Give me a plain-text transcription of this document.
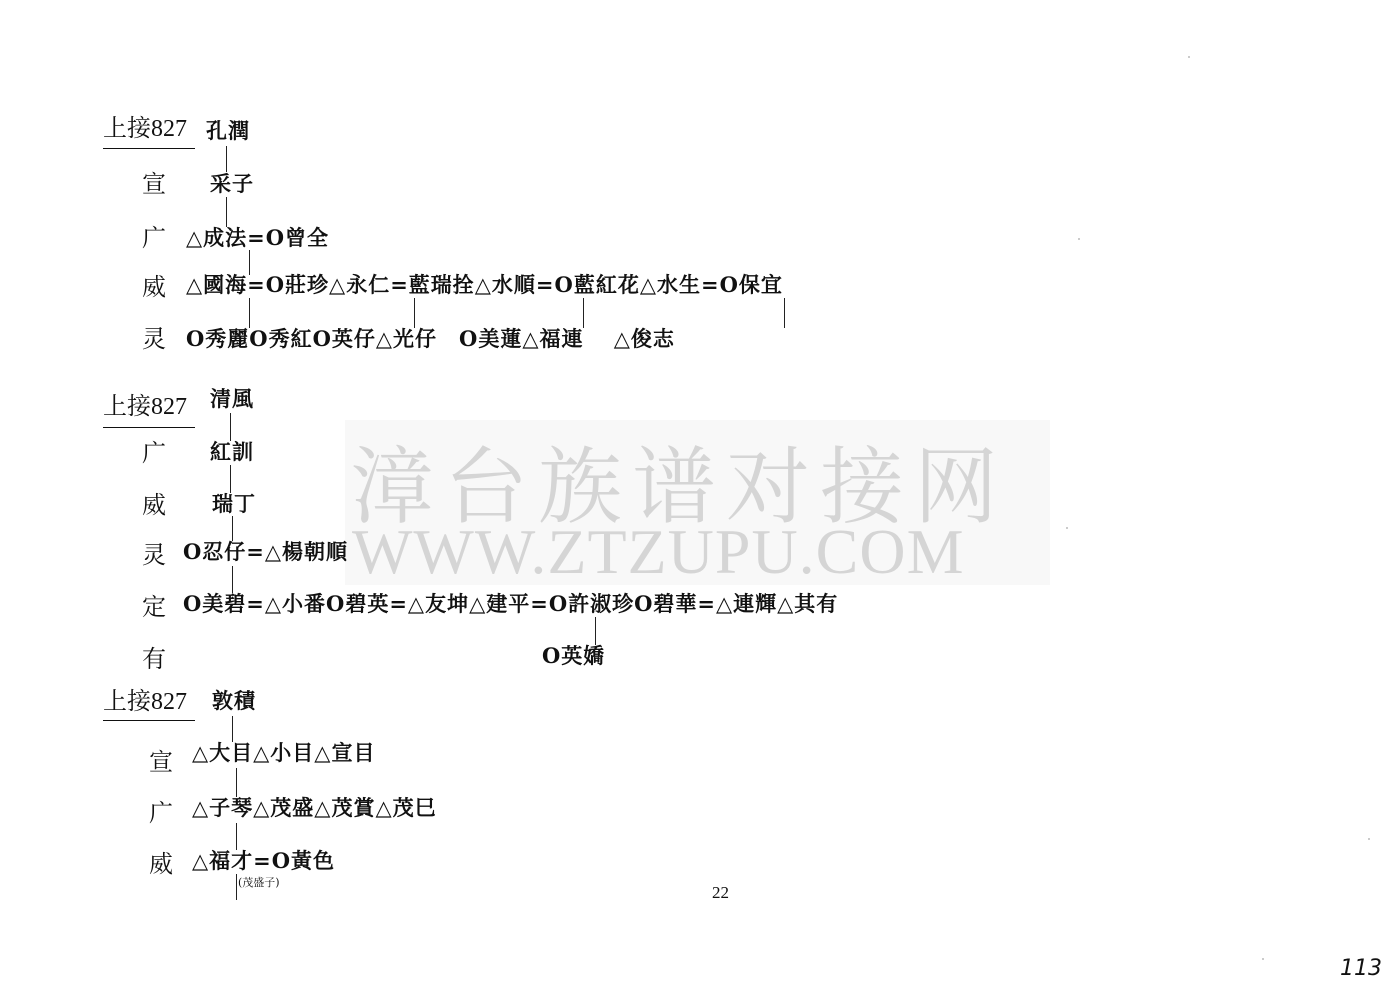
漳台族谱对接网
WWW.ZTZUPU.COM
上接827 孔潤
宣 采子
广 △成法=O曾全
威 △國海=O莊珍△永仁=藍瑞拴△水順=O藍紅花△水生=O保宜
灵 O秀麗O秀紅O英仔△光仔　O美蓮△福連　 △俊志
上接827 清風
广 紅訓
威 瑞丁
灵 O忍仔=△楊朝順
定 O美碧=△小番O碧英=△友坤△建平=O許淑珍O碧華=△連輝△其有
有	O英嬌
上接827 敦積
宣 △大目△小目△宣目
广 △子琴△茂盛△茂賞△茂巳
威 △福才=O黃色
(茂盛子)
22
113
